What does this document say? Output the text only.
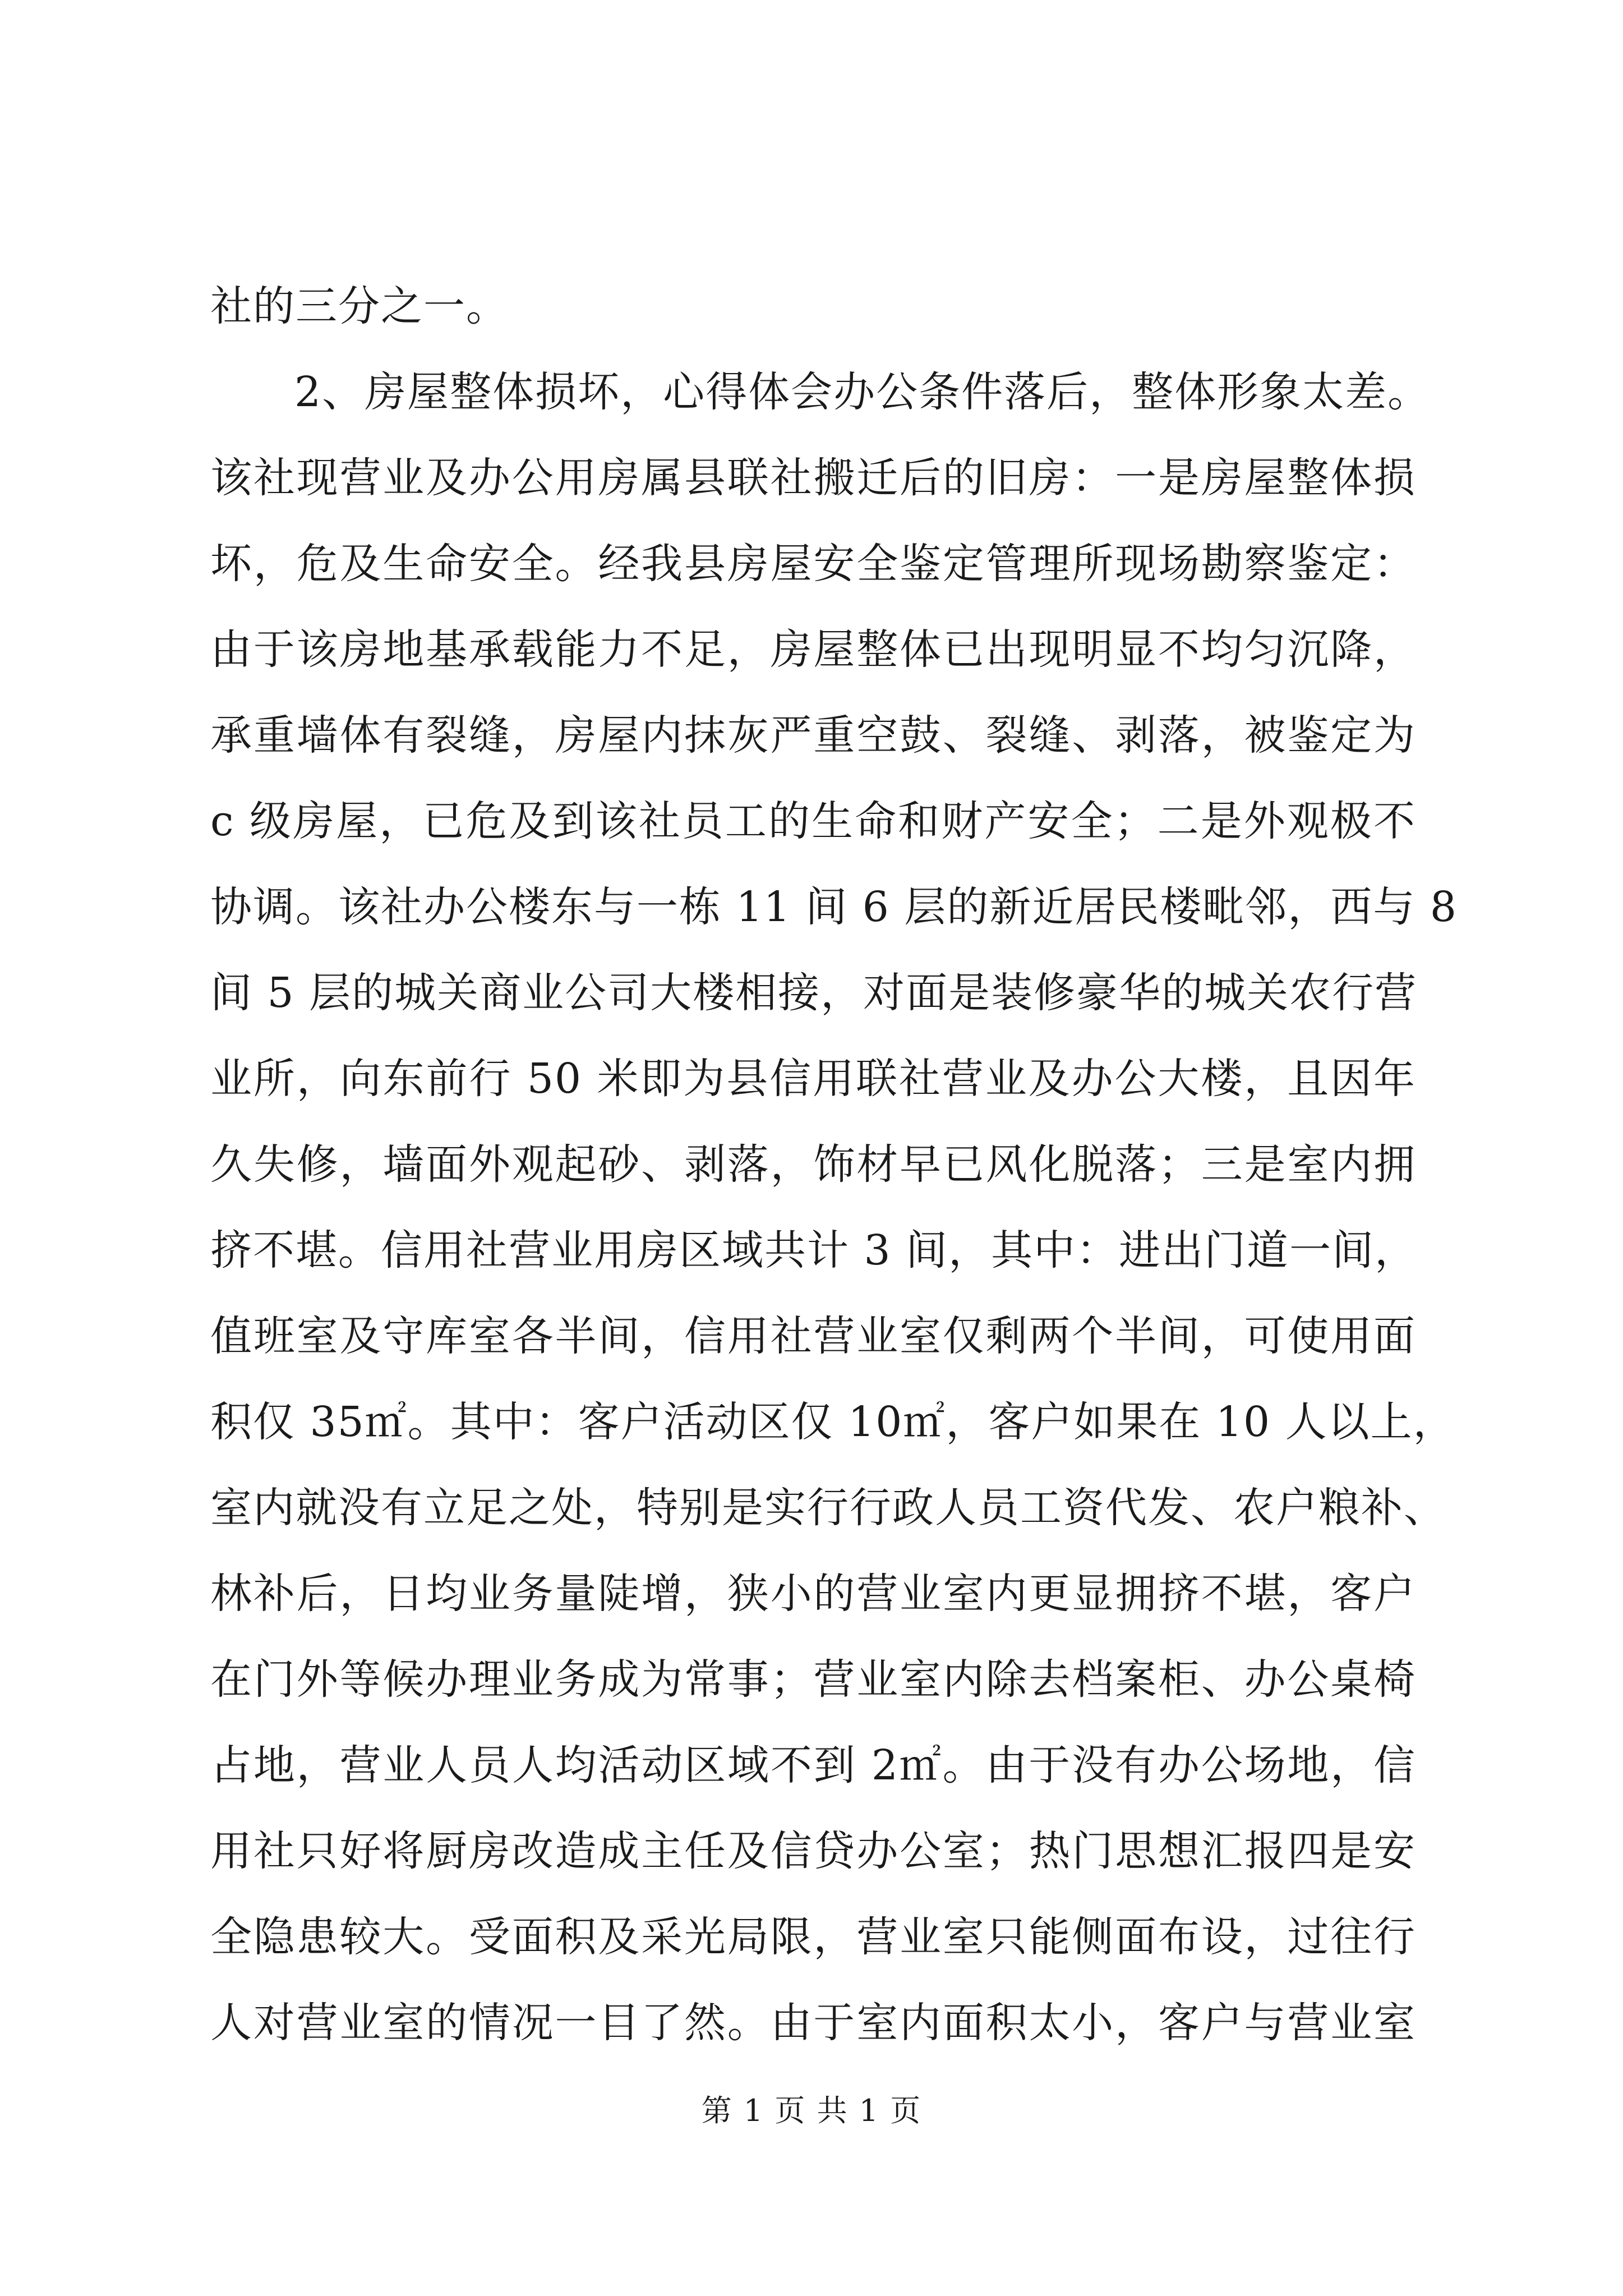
社的三分之一。
2、房屋整体损坏，心得体会办公条件落后，整体形象太差。
该社现营业及办公用房属县联社搬迁后的旧房：一是房屋整体损
坏，危及生命安全。经我县房屋安全鉴定管理所现场勘察鉴定：
由于该房地基承载能力不足，房屋整体已出现明显不均匀沉降，
承重墙体有裂缝，房屋内抹灰严重空鼓、裂缝、剥落，被鉴定为
c 级房屋，已危及到该社员工的生命和财产安全；二是外观极不
协调。该社办公楼东与一栋 11 间 6 层的新近居民楼毗邻，西与 8
间 5 层的城关商业公司大楼相接，对面是装修豪华的城关农行营
业所，向东前行 50 米即为县信用联社营业及办公大楼，且因年
久失修，墙面外观起砂、剥落，饰材早已风化脱落；三是室内拥
挤不堪。信用社营业用房区域共计 3 间，其中：进出门道一间，
值班室及守库室各半间，信用社营业室仅剩两个半间，可使用面
积仅 35㎡。其中：客户活动区仅 10㎡，客户如果在 10 人以上，
室内就没有立足之处，特别是实行行政人员工资代发、农户粮补、
林补后，日均业务量陡增，狭小的营业室内更显拥挤不堪，客户
在门外等候办理业务成为常事；营业室内除去档案柜、办公桌椅
占地，营业人员人均活动区域不到 2㎡。由于没有办公场地，信
用社只好将厨房改造成主任及信贷办公室；热门思想汇报四是安
全隐患较大。受面积及采光局限，营业室只能侧面布设，过往行
人对营业室的情况一目了然。由于室内面积太小，客户与营业室
第 1 页 共 1 页
